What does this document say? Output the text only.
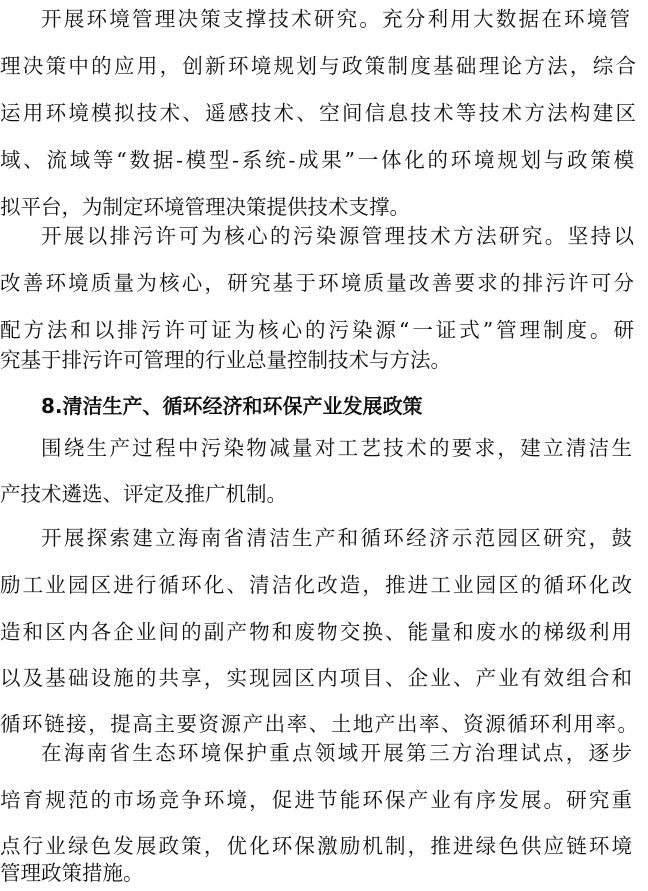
开展环境管理决策支撑技术研究。充分利用大数据在环境管
理决策中的应用，创新环境规划与政策制度基础理论方法，综合
运用环境模拟技术、遥感技术、空间信息技术等技术方法构建区
域、流域等“数据-模型-系统-成果”一体化的环境规划与政策模
拟平台，为制定环境管理决策提供技术支撑。
开展以排污许可为核心的污染源管理技术方法研究。坚持以
改善环境质量为核心，研究基于环境质量改善要求的排污许可分
配方法和以排污许可证为核心的污染源“一证式”管理制度。研
究基于排污许可管理的行业总量控制技术与方法。
8.清洁生产、循环经济和环保产业发展政策
围绕生产过程中污染物减量对工艺技术的要求，建立清洁生
产技术遴选、评定及推广机制。
开展探索建立海南省清洁生产和循环经济示范园区研究，鼓
励工业园区进行循环化、清洁化改造，推进工业园区的循环化改
造和区内各企业间的副产物和废物交换、能量和废水的梯级利用
以及基础设施的共享，实现园区内项目、企业、产业有效组合和
循环链接，提高主要资源产出率、土地产出率、资源循环利用率。
在海南省生态环境保护重点领域开展第三方治理试点，逐步
培育规范的市场竞争环境，促进节能环保产业有序发展。研究重
点行业绿色发展政策，优化环保激励机制，推进绿色供应链环境
管理政策措施。
